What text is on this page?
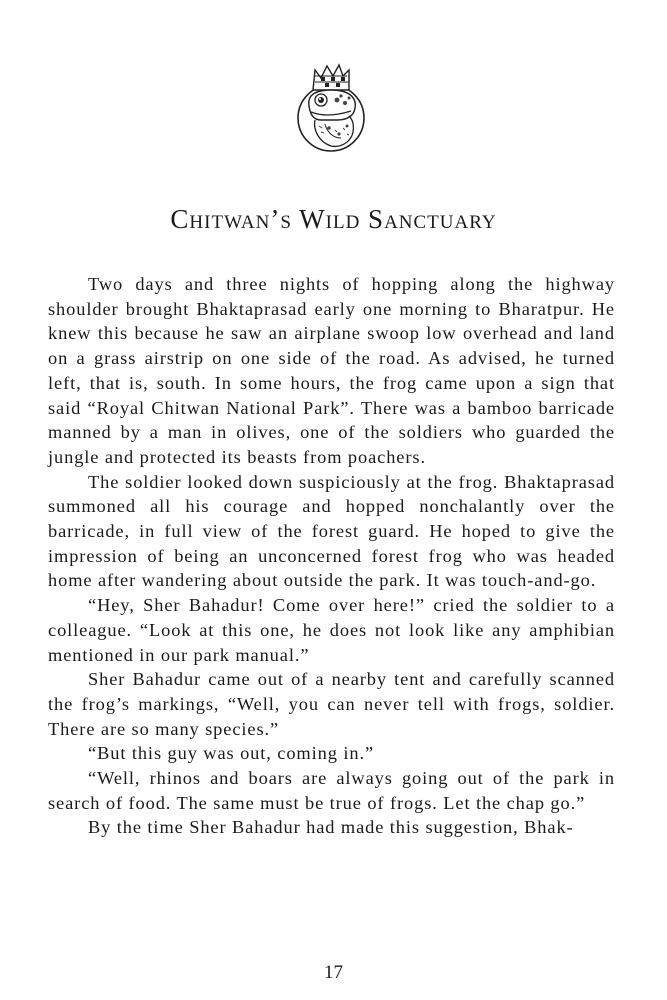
Chitwan’s Wild Sanctuary

Two days and three nights of hopping along the highway shoulder brought Bhaktaprasad early one morning to Bharatpur. He knew this because he saw an airplane swoop low overhead and land on a grass airstrip on one side of the road. As advised, he turned left, that is, south. In some hours, the frog came upon a sign that said “Royal Chitwan National Park”. There was a bamboo barricade manned by a man in olives, one of the soldiers who guarded the jungle and protected its beasts from poachers.

The soldier looked down suspiciously at the frog. Bhaktaprasad summoned all his courage and hopped nonchalantly over the barricade, in full view of the forest guard. He hoped to give the impression of being an unconcerned forest frog who was headed home after wandering about outside the park. It was touch-and-go.

“Hey, Sher Bahadur! Come over here!” cried the soldier to a colleague. “Look at this one, he does not look like any amphibian mentioned in our park manual.”

Sher Bahadur came out of a nearby tent and carefully scanned the frog’s markings, “Well, you can never tell with frogs, soldier. There are so many species.”

“But this guy was out, coming in.”

“Well, rhinos and boars are always going out of the park in search of food. The same must be true of frogs. Let the chap go.”

By the time Sher Bahadur had made this suggestion, Bhak-

17
